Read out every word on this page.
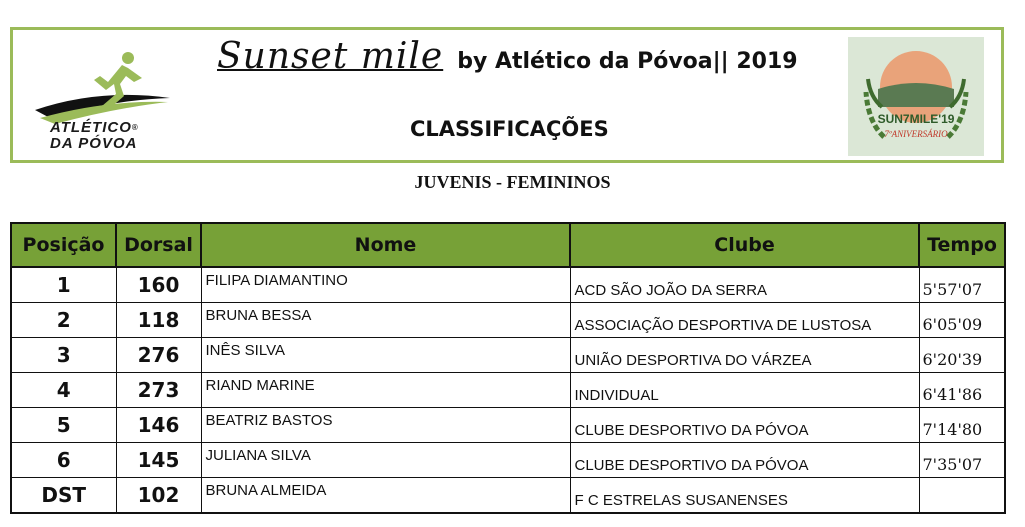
ATLÉTICO®
DA PÓVOA
Sunset mile by Atlético da Póvoa|| 2019
CLASSIFICAÇÕES	SUN7MILE'19
7ºANIVERSÁRIO
JUVENIS - FEMININOS
Posição	Dorsal	Nome	Clube	Tempo
1	160	FILIPA DIAMANTINO	ACD SÃO JOÃO DA SERRA	5'57'07
2	118	BRUNA BESSA	ASSOCIAÇÃO DESPORTIVA DE LUSTOSA	6'05'09
3	276	INÊS SILVA	UNIÃO DESPORTIVA DO VÁRZEA	6'20'39
4	273	RIAND MARINE	INDIVIDUAL	6'41'86
5	146	BEATRIZ BASTOS	CLUBE DESPORTIVO DA PÓVOA	7'14'80
6	145	JULIANA SILVA	CLUBE DESPORTIVO DA PÓVOA	7'35'07
DST	102	BRUNA ALMEIDA	F C ESTRELAS SUSANENSES	
